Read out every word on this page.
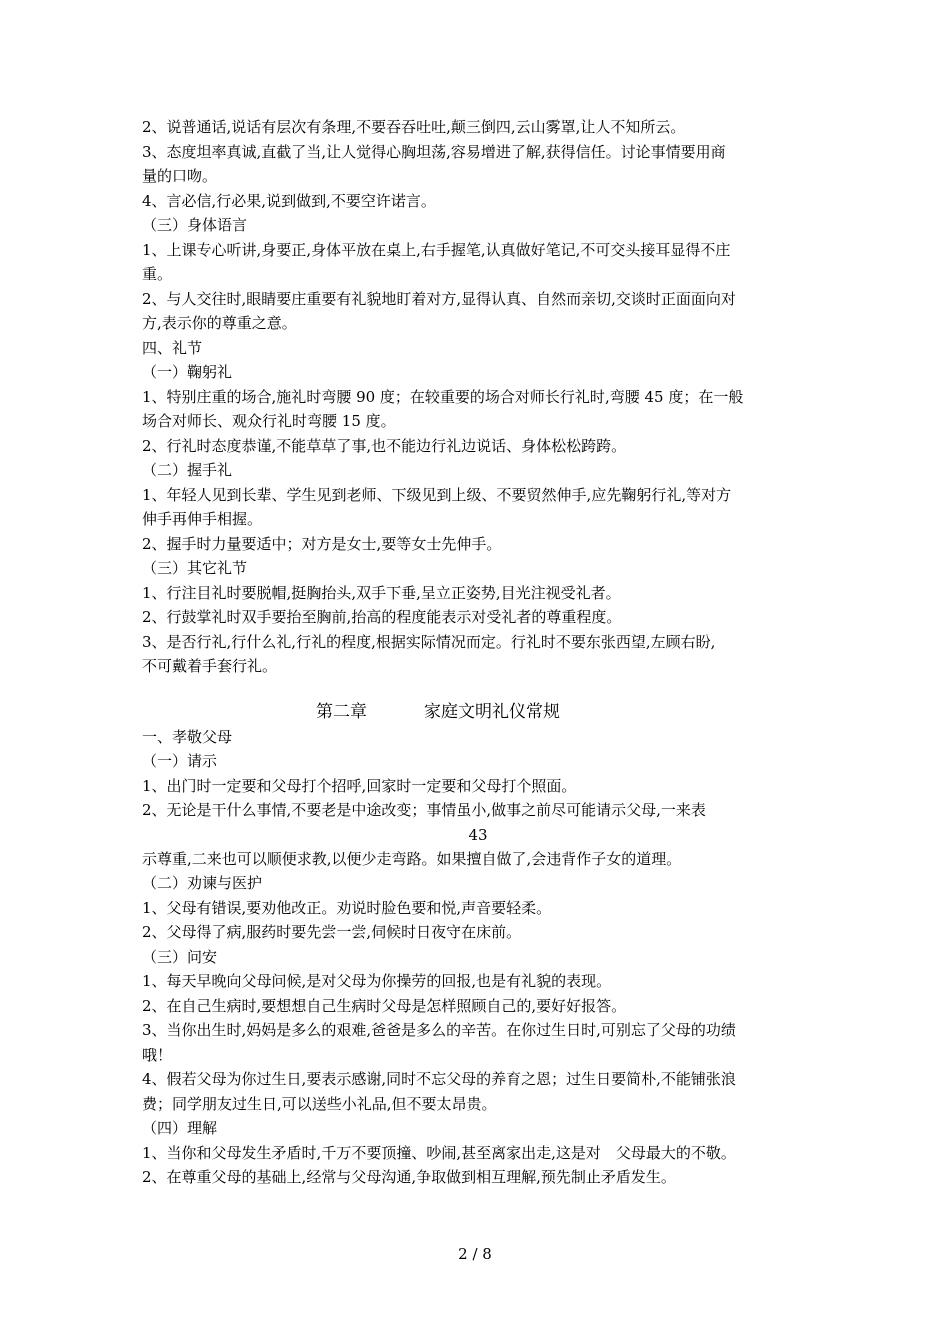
2、说普通话,说话有层次有条理,不要吞吞吐吐,颠三倒四,云山雾罩,让人不知所云。
3、态度坦率真诚,直截了当,让人觉得心胸坦荡,容易增进了解,获得信任。讨论事情要用商
量的口吻。
4、言必信,行必果,说到做到,不要空许诺言。
（三）身体语言
1、上课专心听讲,身要正,身体平放在桌上,右手握笔,认真做好笔记,不可交头接耳显得不庄
重。
2、与人交往时,眼睛要庄重要有礼貌地盯着对方,显得认真、自然而亲切,交谈时正面面向对
方,表示你的尊重之意。
四、礼节
（一）鞠躬礼
1、特别庄重的场合,施礼时弯腰 90 度；在较重要的场合对师长行礼时,弯腰 45 度；在一般
场合对师长、观众行礼时弯腰 15 度。
2、行礼时态度恭谨,不能草草了事,也不能边行礼边说话、身体松松跨跨。
（二）握手礼
1、年轻人见到长辈、学生见到老师、下级见到上级、不要贸然伸手,应先鞠躬行礼,等对方
伸手再伸手相握。
2、握手时力量要适中；对方是女士,要等女士先伸手。
（三）其它礼节
1、行注目礼时要脱帽,挺胸抬头,双手下垂,呈立正姿势,目光注视受礼者。
2、行鼓掌礼时双手要抬至胸前,抬高的程度能表示对受礼者的尊重程度。
3、是否行礼,行什么礼,行礼的程度,根据实际情况而定。行礼时不要东张西望,左顾右盼,
不可戴着手套行礼。
第二章	家庭文明礼仪常规
一、孝敬父母
（一）请示
1、出门时一定要和父母打个招呼,回家时一定要和父母打个照面。
2、无论是干什么事情,不要老是中途改变；事情虽小,做事之前尽可能请示父母,一来表
43
示尊重,二来也可以顺便求教,以便少走弯路。如果擅自做了,会违背作子女的道理。
（二）劝谏与医护
1、父母有错误,要劝他改正。劝说时脸色要和悦,声音要轻柔。
2、父母得了病,服药时要先尝一尝,伺候时日夜守在床前。
（三）问安
1、每天早晚向父母问候,是对父母为你操劳的回报,也是有礼貌的表现。
2、在自己生病时,要想想自己生病时父母是怎样照顾自己的,要好好报答。
3、当你出生时,妈妈是多么的艰难,爸爸是多么的辛苦。在你过生日时,可别忘了父母的功绩
哦！
4、假若父母为你过生日,要表示感谢,同时不忘父母的养育之恩；过生日要简朴,不能铺张浪
费；同学朋友过生日,可以送些小礼品,但不要太昂贵。
（四）理解
1、当你和父母发生矛盾时,千万不要顶撞、吵闹,甚至离家出走,这是对　父母最大的不敬。
2、在尊重父母的基础上,经常与父母沟通,争取做到相互理解,预先制止矛盾发生。
2 / 8
